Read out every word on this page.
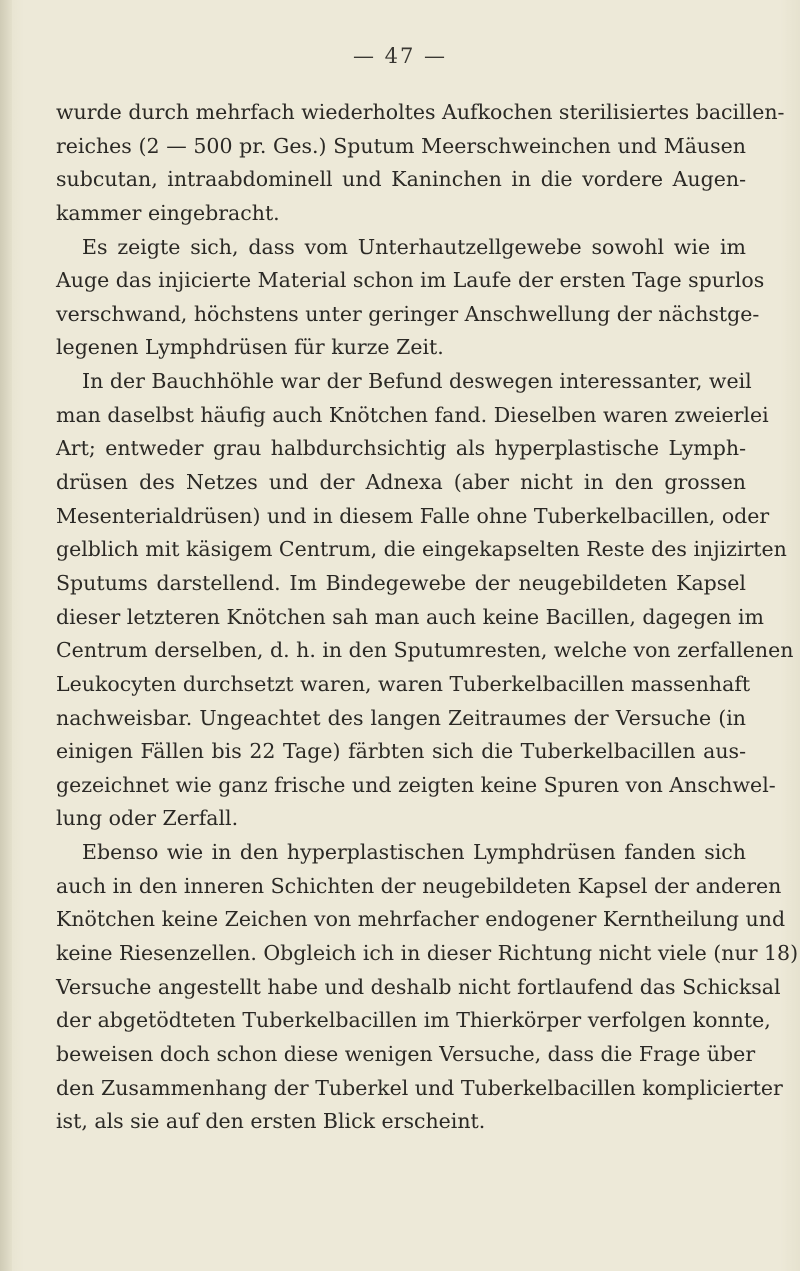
— 47 —
wurde durch mehrfach wiederholtes Aufkochen sterilisiertes bacillen-
reiches (2 — 500 pr. Ges.) Sputum Meerschweinchen und Mäusen
subcutan, intraabdominell und Kaninchen in die vordere Augen-
kammer eingebracht.
Es zeigte sich, dass vom Unterhautzellgewebe sowohl wie im
Auge das injicierte Material schon im Laufe der ersten Tage spurlos
verschwand, höchstens unter geringer Anschwellung der nächstge-
legenen Lymphdrüsen für kurze Zeit.
In der Bauchhöhle war der Befund deswegen interessanter, weil
man daselbst häufig auch Knötchen fand. Dieselben waren zweierlei
Art; entweder grau halbdurchsichtig als hyperplastische Lymph-
drüsen des Netzes und der Adnexa (aber nicht in den grossen
Mesenterialdrüsen) und in diesem Falle ohne Tuberkelbacillen, oder
gelblich mit käsigem Centrum, die eingekapselten Reste des injizirten
Sputums darstellend. Im Bindegewebe der neugebildeten Kapsel
dieser letzteren Knötchen sah man auch keine Bacillen, dagegen im
Centrum derselben, d. h. in den Sputumresten, welche von zerfallenen
Leukocyten durchsetzt waren, waren Tuberkelbacillen massenhaft
nachweisbar. Ungeachtet des langen Zeitraumes der Versuche (in
einigen Fällen bis 22 Tage) färbten sich die Tuberkelbacillen aus-
gezeichnet wie ganz frische und zeigten keine Spuren von Anschwel-
lung oder Zerfall.
Ebenso wie in den hyperplastischen Lymphdrüsen fanden sich
auch in den inneren Schichten der neugebildeten Kapsel der anderen
Knötchen keine Zeichen von mehrfacher endogener Kerntheilung und
keine Riesenzellen. Obgleich ich in dieser Richtung nicht viele (nur 18)
Versuche angestellt habe und deshalb nicht fortlaufend das Schicksal
der abgetödteten Tuberkelbacillen im Thierkörper verfolgen konnte,
beweisen doch schon diese wenigen Versuche, dass die Frage über
den Zusammenhang der Tuberkel und Tuberkelbacillen komplicierter
ist, als sie auf den ersten Blick erscheint.
